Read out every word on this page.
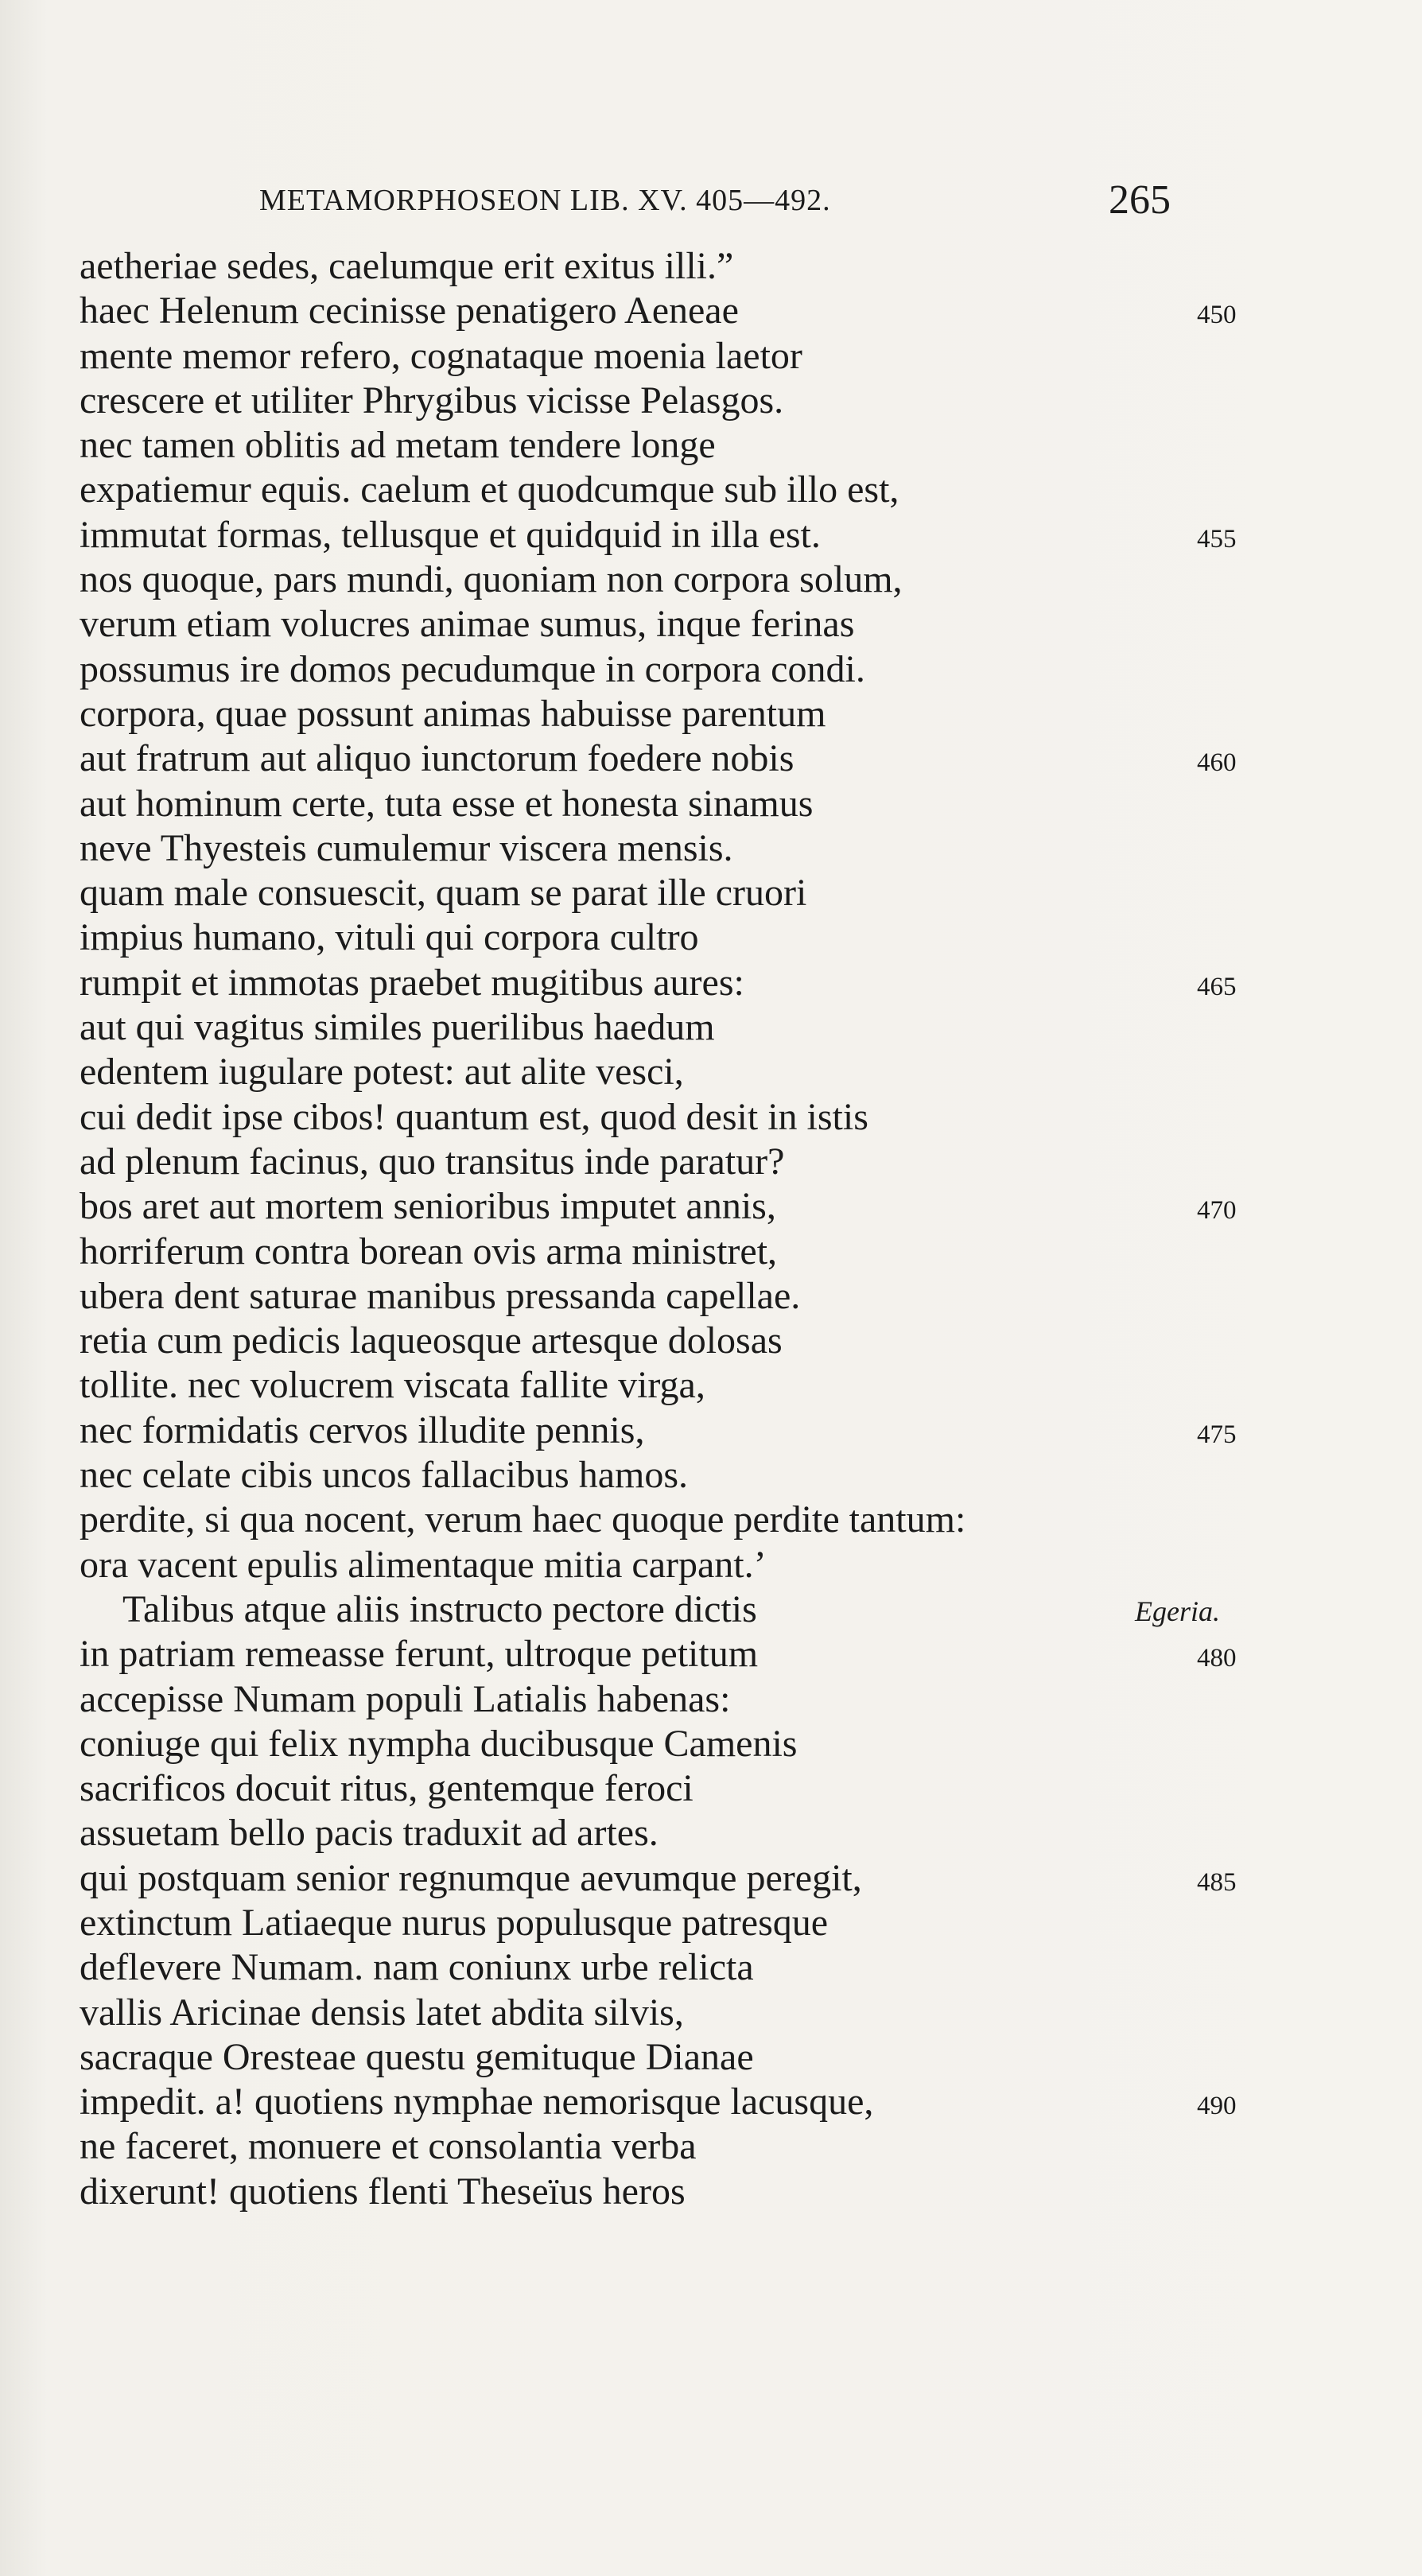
METAMORPHOSEON LIB. XV. 405—492.	265
aetheriae sedes, caelumque erit exitus illi.”
haec Helenum cecinisse penatigero Aeneae	450
mente memor refero, cognataque moenia laetor
crescere et utiliter Phrygibus vicisse Pelasgos.
nec tamen oblitis ad metam tendere longe
expatiemur equis. caelum et quodcumque sub illo est,
immutat formas, tellusque et quidquid in illa est.	455
nos quoque, pars mundi, quoniam non corpora solum,
verum etiam volucres animae sumus, inque ferinas
possumus ire domos pecudumque in corpora condi.
corpora, quae possunt animas habuisse parentum
aut fratrum aut aliquo iunctorum foedere nobis	460
aut hominum certe, tuta esse et honesta sinamus
neve Thyesteis cumulemur viscera mensis.
quam male consuescit, quam se parat ille cruori
impius humano, vituli qui corpora cultro
rumpit et immotas praebet mugitibus aures:	465
aut qui vagitus similes puerilibus haedum
edentem iugulare potest: aut alite vesci,
cui dedit ipse cibos! quantum est, quod desit in istis
ad plenum facinus, quo transitus inde paratur?
bos aret aut mortem senioribus imputet annis,	470
horriferum contra borean ovis arma ministret,
ubera dent saturae manibus pressanda capellae.
retia cum pedicis laqueosque artesque dolosas
tollite. nec volucrem viscata fallite virga,
nec formidatis cervos illudite pennis,	475
nec celate cibis uncos fallacibus hamos.
perdite, si qua nocent, verum haec quoque perdite tantum:
ora vacent epulis alimentaque mitia carpant.’
Talibus atque aliis instructo pectore dictis	Egeria.
in patriam remeasse ferunt, ultroque petitum	480
accepisse Numam populi Latialis habenas:
coniuge qui felix nympha ducibusque Camenis
sacrificos docuit ritus, gentemque feroci
assuetam bello pacis traduxit ad artes.
qui postquam senior regnumque aevumque peregit,	485
extinctum Latiaeque nurus populusque patresque
deflevere Numam. nam coniunx urbe relicta
vallis Aricinae densis latet abdita silvis,
sacraque Oresteae questu gemituque Dianae
impedit. a! quotiens nymphae nemorisque lacusque,	490
ne faceret, monuere et consolantia verba
dixerunt! quotiens flenti Theseïus heros
